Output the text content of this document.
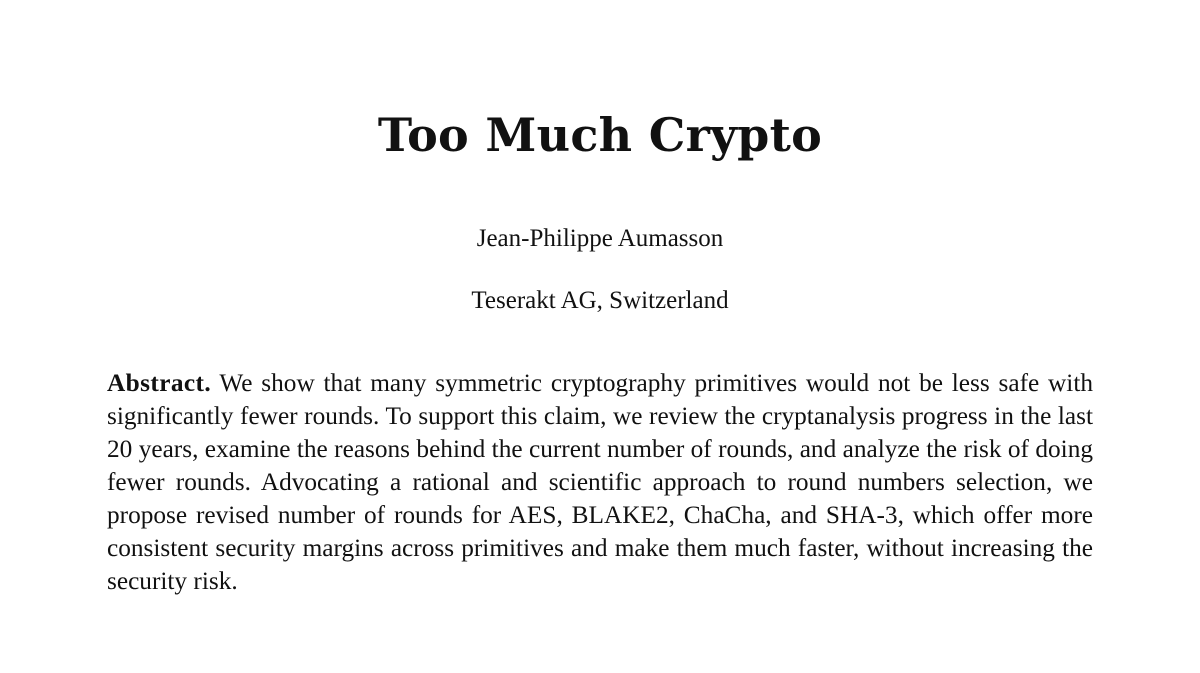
Too Much Crypto
Jean-Philippe Aumasson
Teserakt AG, Switzerland

Abstract. We show that many symmetric cryptography primitives would not be less safe with significantly fewer rounds. To support this claim, we review the cryptanalysis progress in the last 20 years, examine the reasons behind the current number of rounds, and analyze the risk of doing fewer rounds. Advocating a rational and scientific approach to round numbers selection, we propose revised number of rounds for AES, BLAKE2, ChaCha, and SHA-3, which offer more consistent security margins across primitives and make them much faster, without increasing the security risk.
